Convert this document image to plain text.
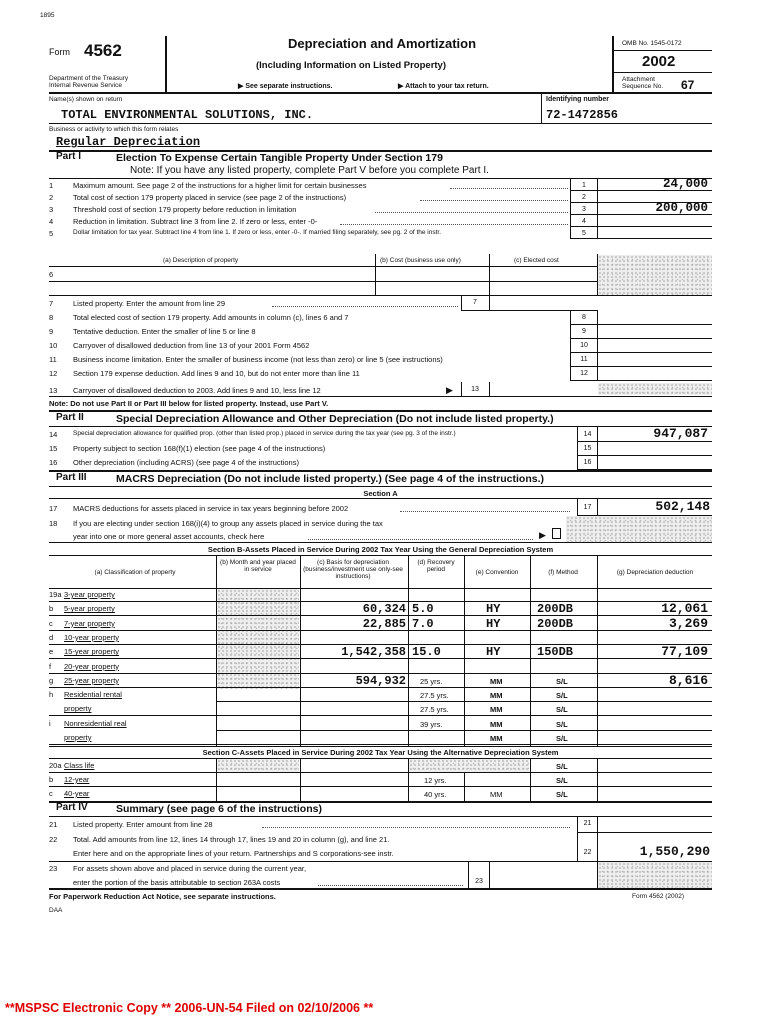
1895
Form 4562
Department of the Treasury
Internal Revenue Service
Depreciation and Amortization
(Including Information on Listed Property)
▶ See separate instructions.	▶ Attach to your tax return.
OMB No. 1545-0172
2002
Attachment
Sequence No. 67
Name(s) shown on return
TOTAL ENVIRONMENTAL SOLUTIONS, INC.
Identifying number
72-1472856
Business or activity to which this form relates
Regular Depreciation
Part I	Election To Expense Certain Tangible Property Under Section 179
Note: If you have any listed property, complete Part V before you complete Part I.
1	Maximum amount. See page 2 of the instructions for a higher limit for certain businesses	1	24,000
2	Total cost of section 179 property placed in service (see page 2 of the instructions)	2
3	Threshold cost of section 179 property before reduction in limitation	3	200,000
4	Reduction in limitation. Subtract line 3 from line 2. If zero or less, enter -0-	4
5	Dollar limitation for tax year. Subtract line 4 from line 1. If zero or less, enter -0-. If married filing separately, see pg. 2 of the instr.	5
(a) Description of property	(b) Cost (business use only)	(c) Elected cost
6
7	Listed property. Enter the amount from line 29	7
8	Total elected cost of section 179 property. Add amounts in column (c), lines 6 and 7	8
9	Tentative deduction. Enter the smaller of line 5 or line 8	9
10 Carryover of disallowed deduction from line 13 of your 2001 Form 4562	10
11 Business income limitation. Enter the smaller of business income (not less than zero) or line 5 (see instructions)	11
12 Section 179 expense deduction. Add lines 9 and 10, but do not enter more than line 11	12
13 Carryover of disallowed deduction to 2003. Add lines 9 and 10, less line 12	▶	13
Note: Do not use Part II or Part III below for listed property. Instead, use Part V.
Part II	Special Depreciation Allowance and Other Depreciation (Do not include listed property.)
14 Special depreciation allowance for qualified prop. (other than listed prop.) placed in service during the tax year (see pg. 3 of the instr.)	14	947,087
15 Property subject to section 168(f)(1) election (see page 4 of the instructions)	15
16 Other depreciation (including ACRS) (see page 4 of the instructions)	16
Part III	MACRS Depreciation (Do not include listed property.) (See page 4 of the instructions.)
Section A
17 MACRS deductions for assets placed in service in tax years beginning before 2002	17	502,148
18 If you are electing under section 168(i)(4) to group any assets placed in service during the tax
year into one or more general asset accounts, check here	▶
Section B-Assets Placed in Service During 2002 Tax Year Using the General Depreciation System
(a) Classification of property
(b) Month and year placed in service
(c) Basis for depreciation (business/investment use only-see instructions)
(d) Recovery period	(e) Convention	(f) Method	(g) Depreciation deduction
19a 3-year property
b 5-year property	60,324 5.0	HY	200DB	12,061
c 7-year property	22,885 7.0	HY	200DB	3,269
d 10-year property
e 15-year property	1,542,358 15.0	HY	150DB	77,109
f 20-year property
g 25-year property	594,932 25 yrs.	MM	S/L	8,616
h Residential rental	27.5 yrs.	MM	S/L
property	27.5 yrs.	MM	S/L
i Nonresidential real	39 yrs.	MM	S/L
property	MM	S/L
Section C-Assets Placed in Service During 2002 Tax Year Using the Alternative Depreciation System
20a Class life	S/L
b 12-year	12 yrs.	S/L
c 40-year	40 yrs.	MM	S/L
Part IV	Summary (see page 6 of the instructions)
21 Listed property. Enter amount from line 28	21
22 Total. Add amounts from line 12, lines 14 through 17, lines 19 and 20 in column (g), and line 21.
Enter here and on the appropriate lines of your return. Partnerships and S corporations-see instr.	22	1,550,290
23 For assets shown above and placed in service during the current year,
enter the portion of the basis attributable to section 263A costs	23
For Paperwork Reduction Act Notice, see separate instructions.	Form 4562 (2002)
DAA
**MSPSC Electronic Copy ** 2006-UN-54 Filed on 02/10/2006 **
